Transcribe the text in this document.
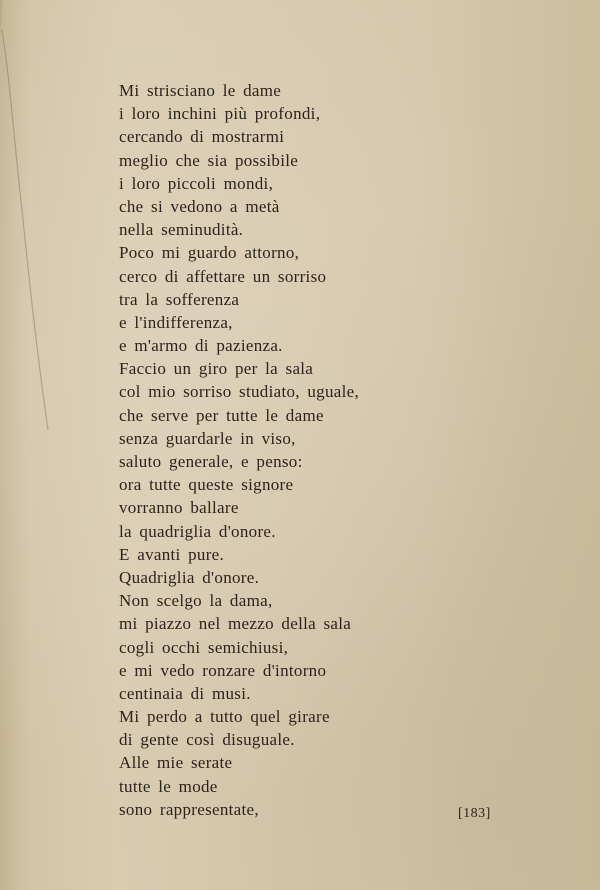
Mi strisciano le dame
i loro inchini più profondi,
cercando di mostrarmi
meglio che sia possibile
i loro piccoli mondi,
che si vedono a metà
nella seminudità.
Poco mi guardo attorno,
cerco di affettare un sorriso
tra la sofferenza
e l'indifferenza,
e m'armo di pazienza.
Faccio un giro per la sala
col mio sorriso studiato, uguale,
che serve per tutte le dame
senza guardarle in viso,
saluto generale, e penso:
ora tutte queste signore
vorranno ballare
la quadriglia d'onore.
E avanti pure.
Quadriglia d'onore.
Non scelgo la dama,
mi piazzo nel mezzo della sala
cogli occhi semichiusi,
e mi vedo ronzare d'intorno
centinaia di musi.
Mi perdo a tutto quel girare
di gente così disuguale.
Alle mie serate
tutte le mode
sono rappresentate,	[183]
